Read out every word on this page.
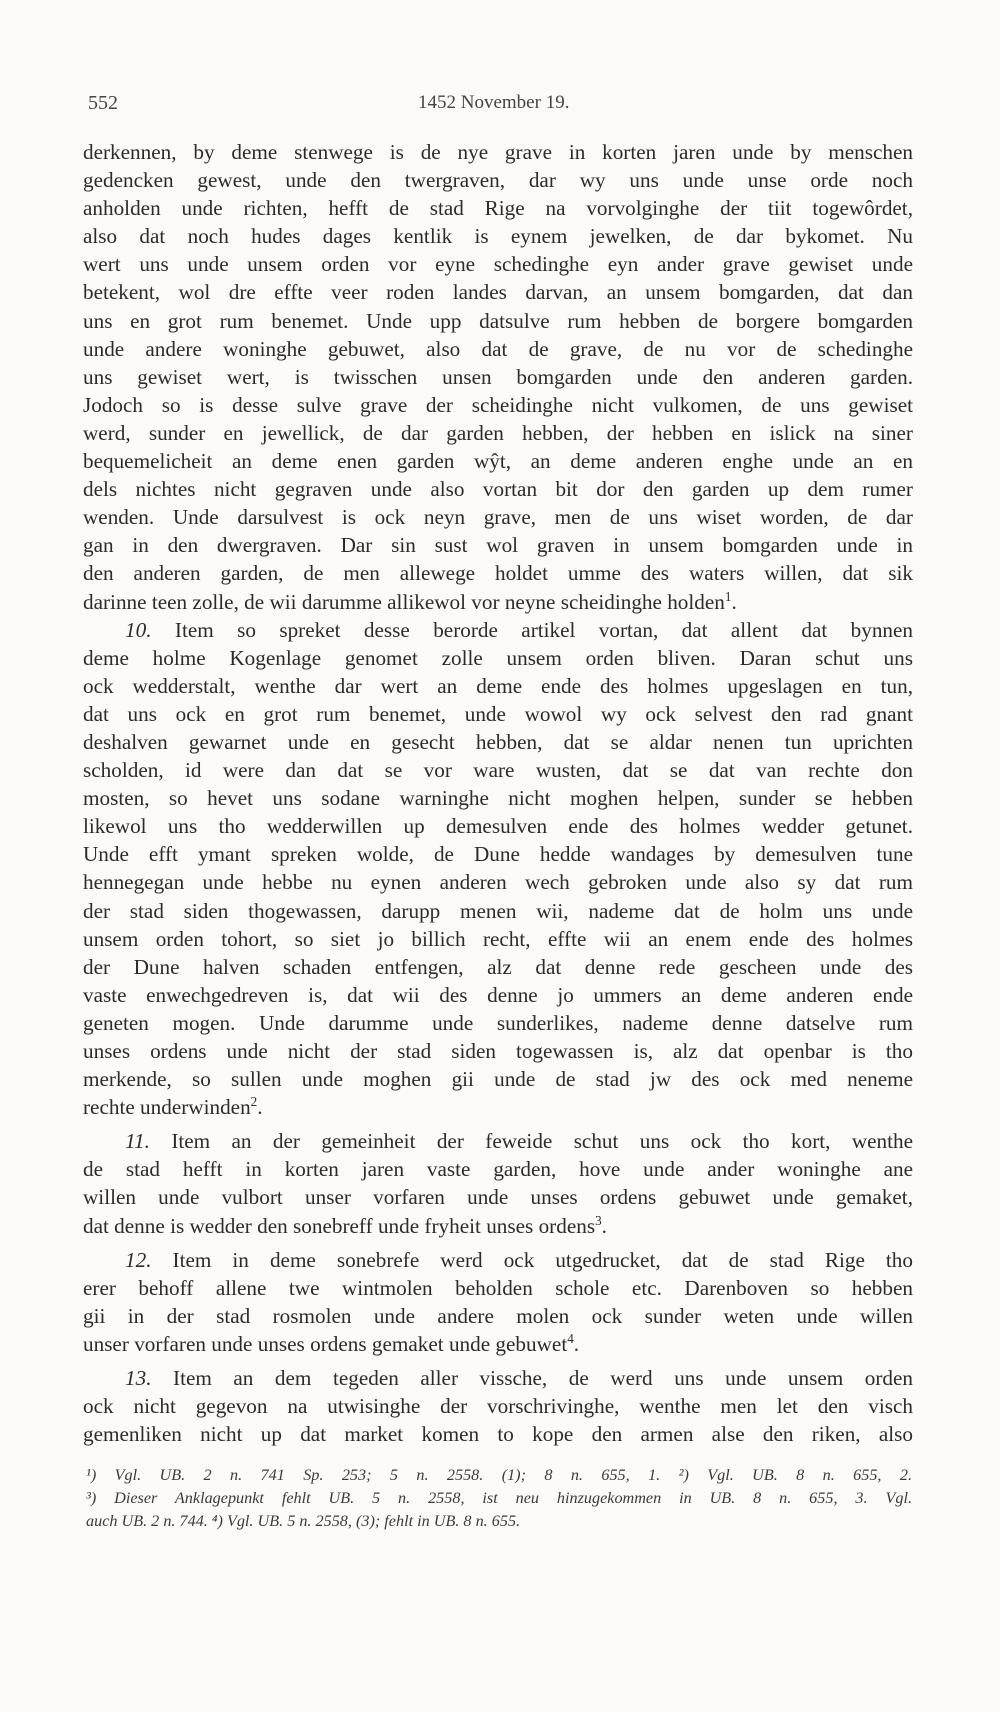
552	1452 November 19.
derkennen, by deme stenwege is de nye grave in korten jaren unde by menschen
gedencken gewest, unde den twergraven, dar wy uns unde unse orde noch
anholden unde richten, hefft de stad Rige na vorvolginghe der tiit togewôrdet,
also dat noch hudes dages kentlik is eynem jewelken, de dar bykomet. Nu
wert uns unde unsem orden vor eyne schedinghe eyn ander grave gewiset unde
betekent, wol dre effte veer roden landes darvan, an unsem bomgarden, dat dan
uns en grot rum benemet. Unde upp datsulve rum hebben de borgere bomgarden
unde andere woninghe gebuwet, also dat de grave, de nu vor de schedinghe
uns gewiset wert, is twisschen unsen bomgarden unde den anderen garden.
Jodoch so is desse sulve grave der scheidinghe nicht vulkomen, de uns gewiset
werd, sunder en jewellick, de dar garden hebben, der hebben en islick na siner
bequemelicheit an deme enen garden wŷt, an deme anderen enghe unde an en
dels nichtes nicht gegraven unde also vortan bit dor den garden up dem rumer
wenden. Unde darsulvest is ock neyn grave, men de uns wiset worden, de dar
gan in den dwergraven. Dar sin sust wol graven in unsem bomgarden unde in
den anderen garden, de men allewege holdet umme des waters willen, dat sik
darinne teen zolle, de wii darumme allikewol vor neyne scheidinghe holden$^1$.
10. Item so spreket desse berorde artikel vortan, dat allent dat bynnen
deme holme Kogenlage genomet zolle unsem orden bliven. Daran schut uns
ock wedderstalt, wenthe dar wert an deme ende des holmes upgeslagen en tun,
dat uns ock en grot rum benemet, unde wowol wy ock selvest den rad gnant
deshalven gewarnet unde en gesecht hebben, dat se aldar nenen tun uprichten
scholden, id were dan dat se vor ware wusten, dat se dat van rechte don
mosten, so hevet uns sodane warninghe nicht moghen helpen, sunder se hebben
likewol uns tho wedderwillen up demesulven ende des holmes wedder getunet.
Unde efft ymant spreken wolde, de Dune hedde wandages by demesulven tune
hennegegan unde hebbe nu eynen anderen wech gebroken unde also sy dat rum
der stad siden thogewassen, darupp menen wii, nademe dat de holm uns unde
unsem orden tohort, so siet jo billich recht, effte wii an enem ende des holmes
der Dune halven schaden entfengen, alz dat denne rede gescheen unde des
vaste enwechgedreven is, dat wii des denne jo ummers an deme anderen ende
geneten mogen. Unde darumme unde sunderlikes, nademe denne datselve rum
unses ordens unde nicht der stad siden togewassen is, alz dat openbar is tho
merkende, so sullen unde moghen gii unde de stad jw des ock med neneme
rechte underwinden$^2$.
11. Item an der gemeinheit der feweide schut uns ock tho kort, wenthe
de stad hefft in korten jaren vaste garden, hove unde ander woninghe ane
willen unde vulbort unser vorfaren unde unses ordens gebuwet unde gemaket,
dat denne is wedder den sonebreff unde fryheit unses ordens$^3$.
12. Item in deme sonebrefe werd ock utgedrucket, dat de stad Rige tho
erer behoff allene twe wintmolen beholden schole etc. Darenboven so hebben
gii in der stad rosmolen unde andere molen ock sunder weten unde willen
unser vorfaren unde unses ordens gemaket unde gebuwet$^4$.
13. Item an dem tegeden aller vissche, de werd uns unde unsem orden
ock nicht gegevon na utwisinghe der vorschrivinghe, wenthe men let den visch
gemenliken nicht up dat market komen to kope den armen alse den riken, also
¹) Vgl. UB. 2 n. 741 Sp. 253; 5 n. 2558. (1); 8 n. 655, 1. ²) Vgl. UB. 8 n. 655, 2.
³) Dieser Anklagepunkt fehlt UB. 5 n. 2558, ist neu hinzugekommen in UB. 8 n. 655, 3. Vgl.
auch UB. 2 n. 744. ⁴) Vgl. UB. 5 n. 2558, (3); fehlt in UB. 8 n. 655.
